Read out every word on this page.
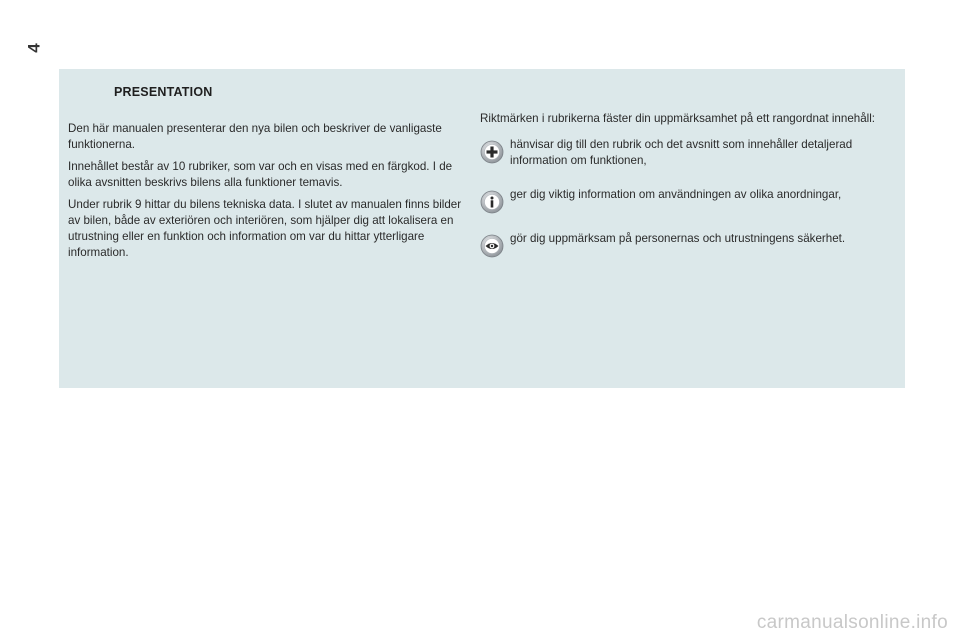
4
PRESENTATION

Den här manualen presenterar den nya bilen och beskriver de vanligaste funktionerna.

Innehållet består av 10 rubriker, som var och en visas med en färgkod. I de olika avsnitten beskrivs bilens alla funktioner temavis.

Under rubrik 9 hittar du bilens tekniska data. I slutet av manualen finns bilder av bilen, både av exteriören och interiören, som hjälper dig att lokalisera en utrustning eller en funktion och information om var du hittar ytterligare information.

Riktmärken i rubrikerna fäster din uppmärksamhet på ett rangordnat innehåll:

hänvisar dig till den rubrik och det avsnitt som innehåller detaljerad information om funktionen,
ger dig viktig information om användningen av olika anordningar,
gör dig uppmärksam på personernas och utrustningens säkerhet.
carmanualsonline.info
